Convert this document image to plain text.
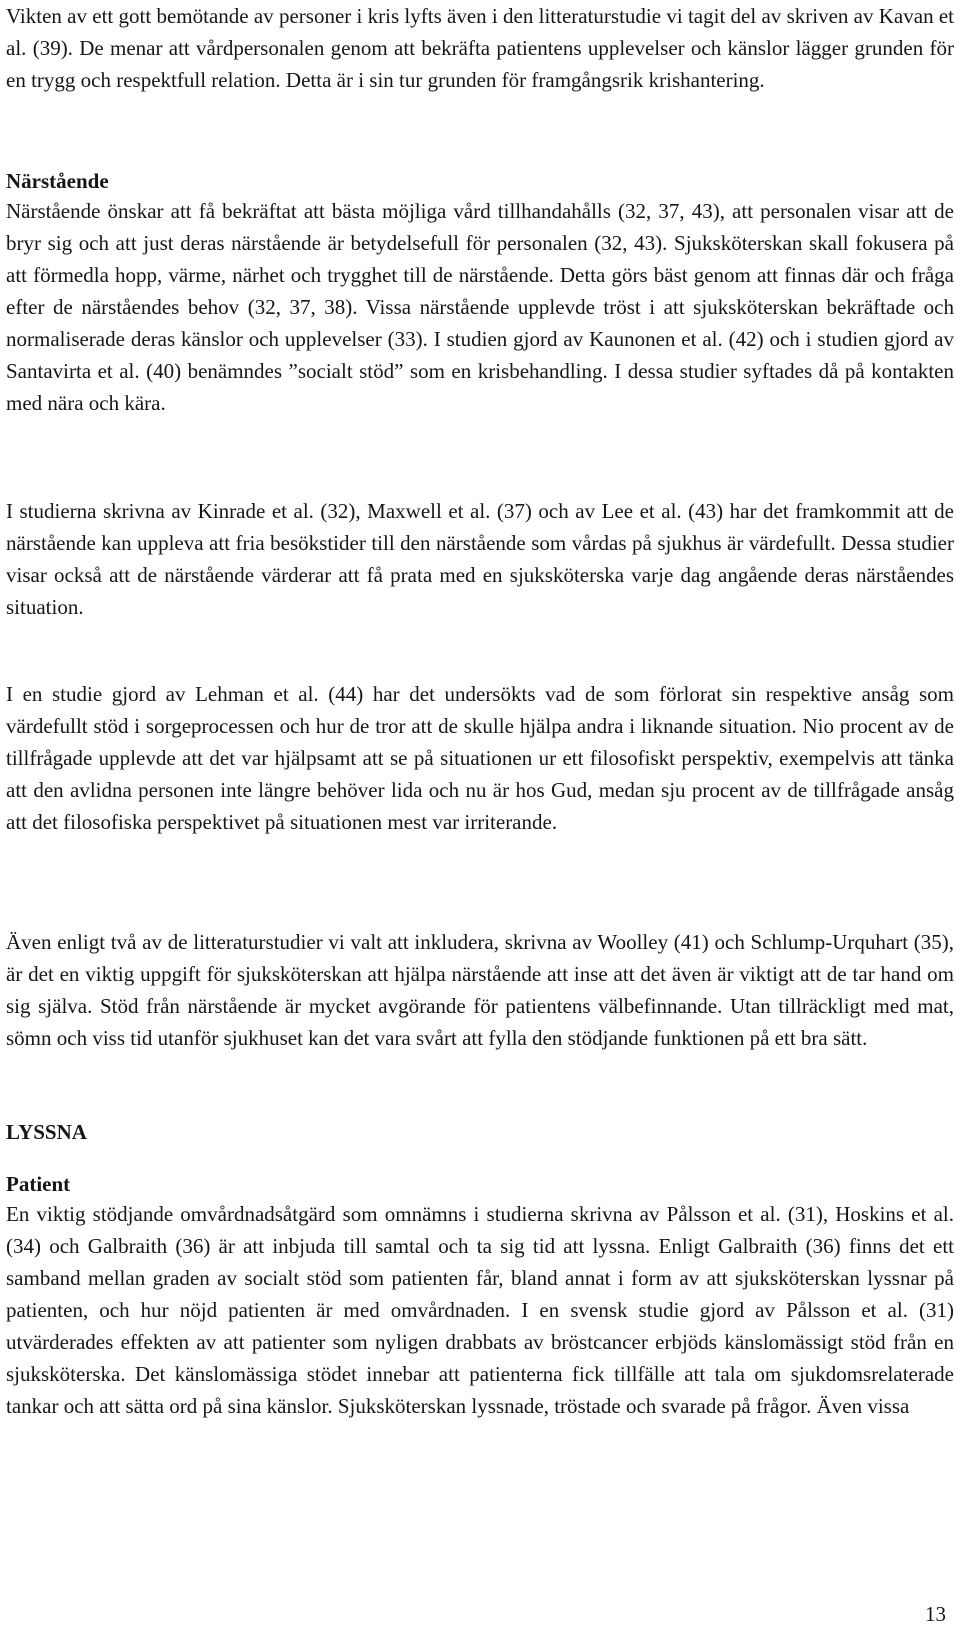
Vikten av ett gott bemötande av personer i kris lyfts även i den litteraturstudie vi tagit del av skriven av Kavan et al. (39). De menar att vårdpersonalen genom att bekräfta patientens upplevelser och känslor lägger grunden för en trygg och respektfull relation. Detta är i sin tur grunden för framgångsrik krishantering.

Närstående

Närstående önskar att få bekräftat att bästa möjliga vård tillhandahålls (32, 37, 43), att personalen visar att de bryr sig och att just deras närstående är betydelsefull för personalen (32, 43). Sjuksköterskan skall fokusera på att förmedla hopp, värme, närhet och trygghet till de närstående. Detta görs bäst genom att finnas där och fråga efter de närståendes behov (32, 37, 38). Vissa närstående upplevde tröst i att sjuksköterskan bekräftade och normaliserade deras känslor och upplevelser (33). I studien gjord av Kaunonen et al. (42) och i studien gjord av Santavirta et al. (40) benämndes ”socialt stöd” som en krisbehandling. I dessa studier syftades då på kontakten med nära och kära.

I studierna skrivna av Kinrade et al. (32), Maxwell et al. (37) och av Lee et al. (43) har det framkommit att de närstående kan uppleva att fria besökstider till den närstående som vårdas på sjukhus är värdefullt. Dessa studier visar också att de närstående värderar att få prata med en sjuksköterska varje dag angående deras närståendes situation.

I en studie gjord av Lehman et al. (44) har det undersökts vad de som förlorat sin respektive ansåg som värdefullt stöd i sorgeprocessen och hur de tror att de skulle hjälpa andra i liknande situation. Nio procent av de tillfrågade upplevde att det var hjälpsamt att se på situationen ur ett filosofiskt perspektiv, exempelvis att tänka att den avlidna personen inte längre behöver lida och nu är hos Gud, medan sju procent av de tillfrågade ansåg att det filosofiska perspektivet på situationen mest var irriterande.

Även enligt två av de litteraturstudier vi valt att inkludera, skrivna av Woolley (41) och Schlump-Urquhart (35), är det en viktig uppgift för sjuksköterskan att hjälpa närstående att inse att det även är viktigt att de tar hand om sig själva. Stöd från närstående är mycket avgörande för patientens välbefinnande. Utan tillräckligt med mat, sömn och viss tid utanför sjukhuset kan det vara svårt att fylla den stödjande funktionen på ett bra sätt.

LYSSNA
Patient

En viktig stödjande omvårdnadsåtgärd som omnämns i studierna skrivna av Pålsson et al. (31), Hoskins et al. (34) och Galbraith (36) är att inbjuda till samtal och ta sig tid att lyssna. Enligt Galbraith (36) finns det ett samband mellan graden av socialt stöd som patienten får, bland annat i form av att sjuksköterskan lyssnar på patienten, och hur nöjd patienten är med omvårdnaden. I en svensk studie gjord av Pålsson et al. (31) utvärderades effekten av att patienter som nyligen drabbats av bröstcancer erbjöds känslomässigt stöd från en sjuksköterska. Det känslomässiga stödet innebar att patienterna fick tillfälle att tala om sjukdomsrelaterade tankar och att sätta ord på sina känslor. Sjuksköterskan lyssnade, tröstade och svarade på frågor. Även vissa

13
